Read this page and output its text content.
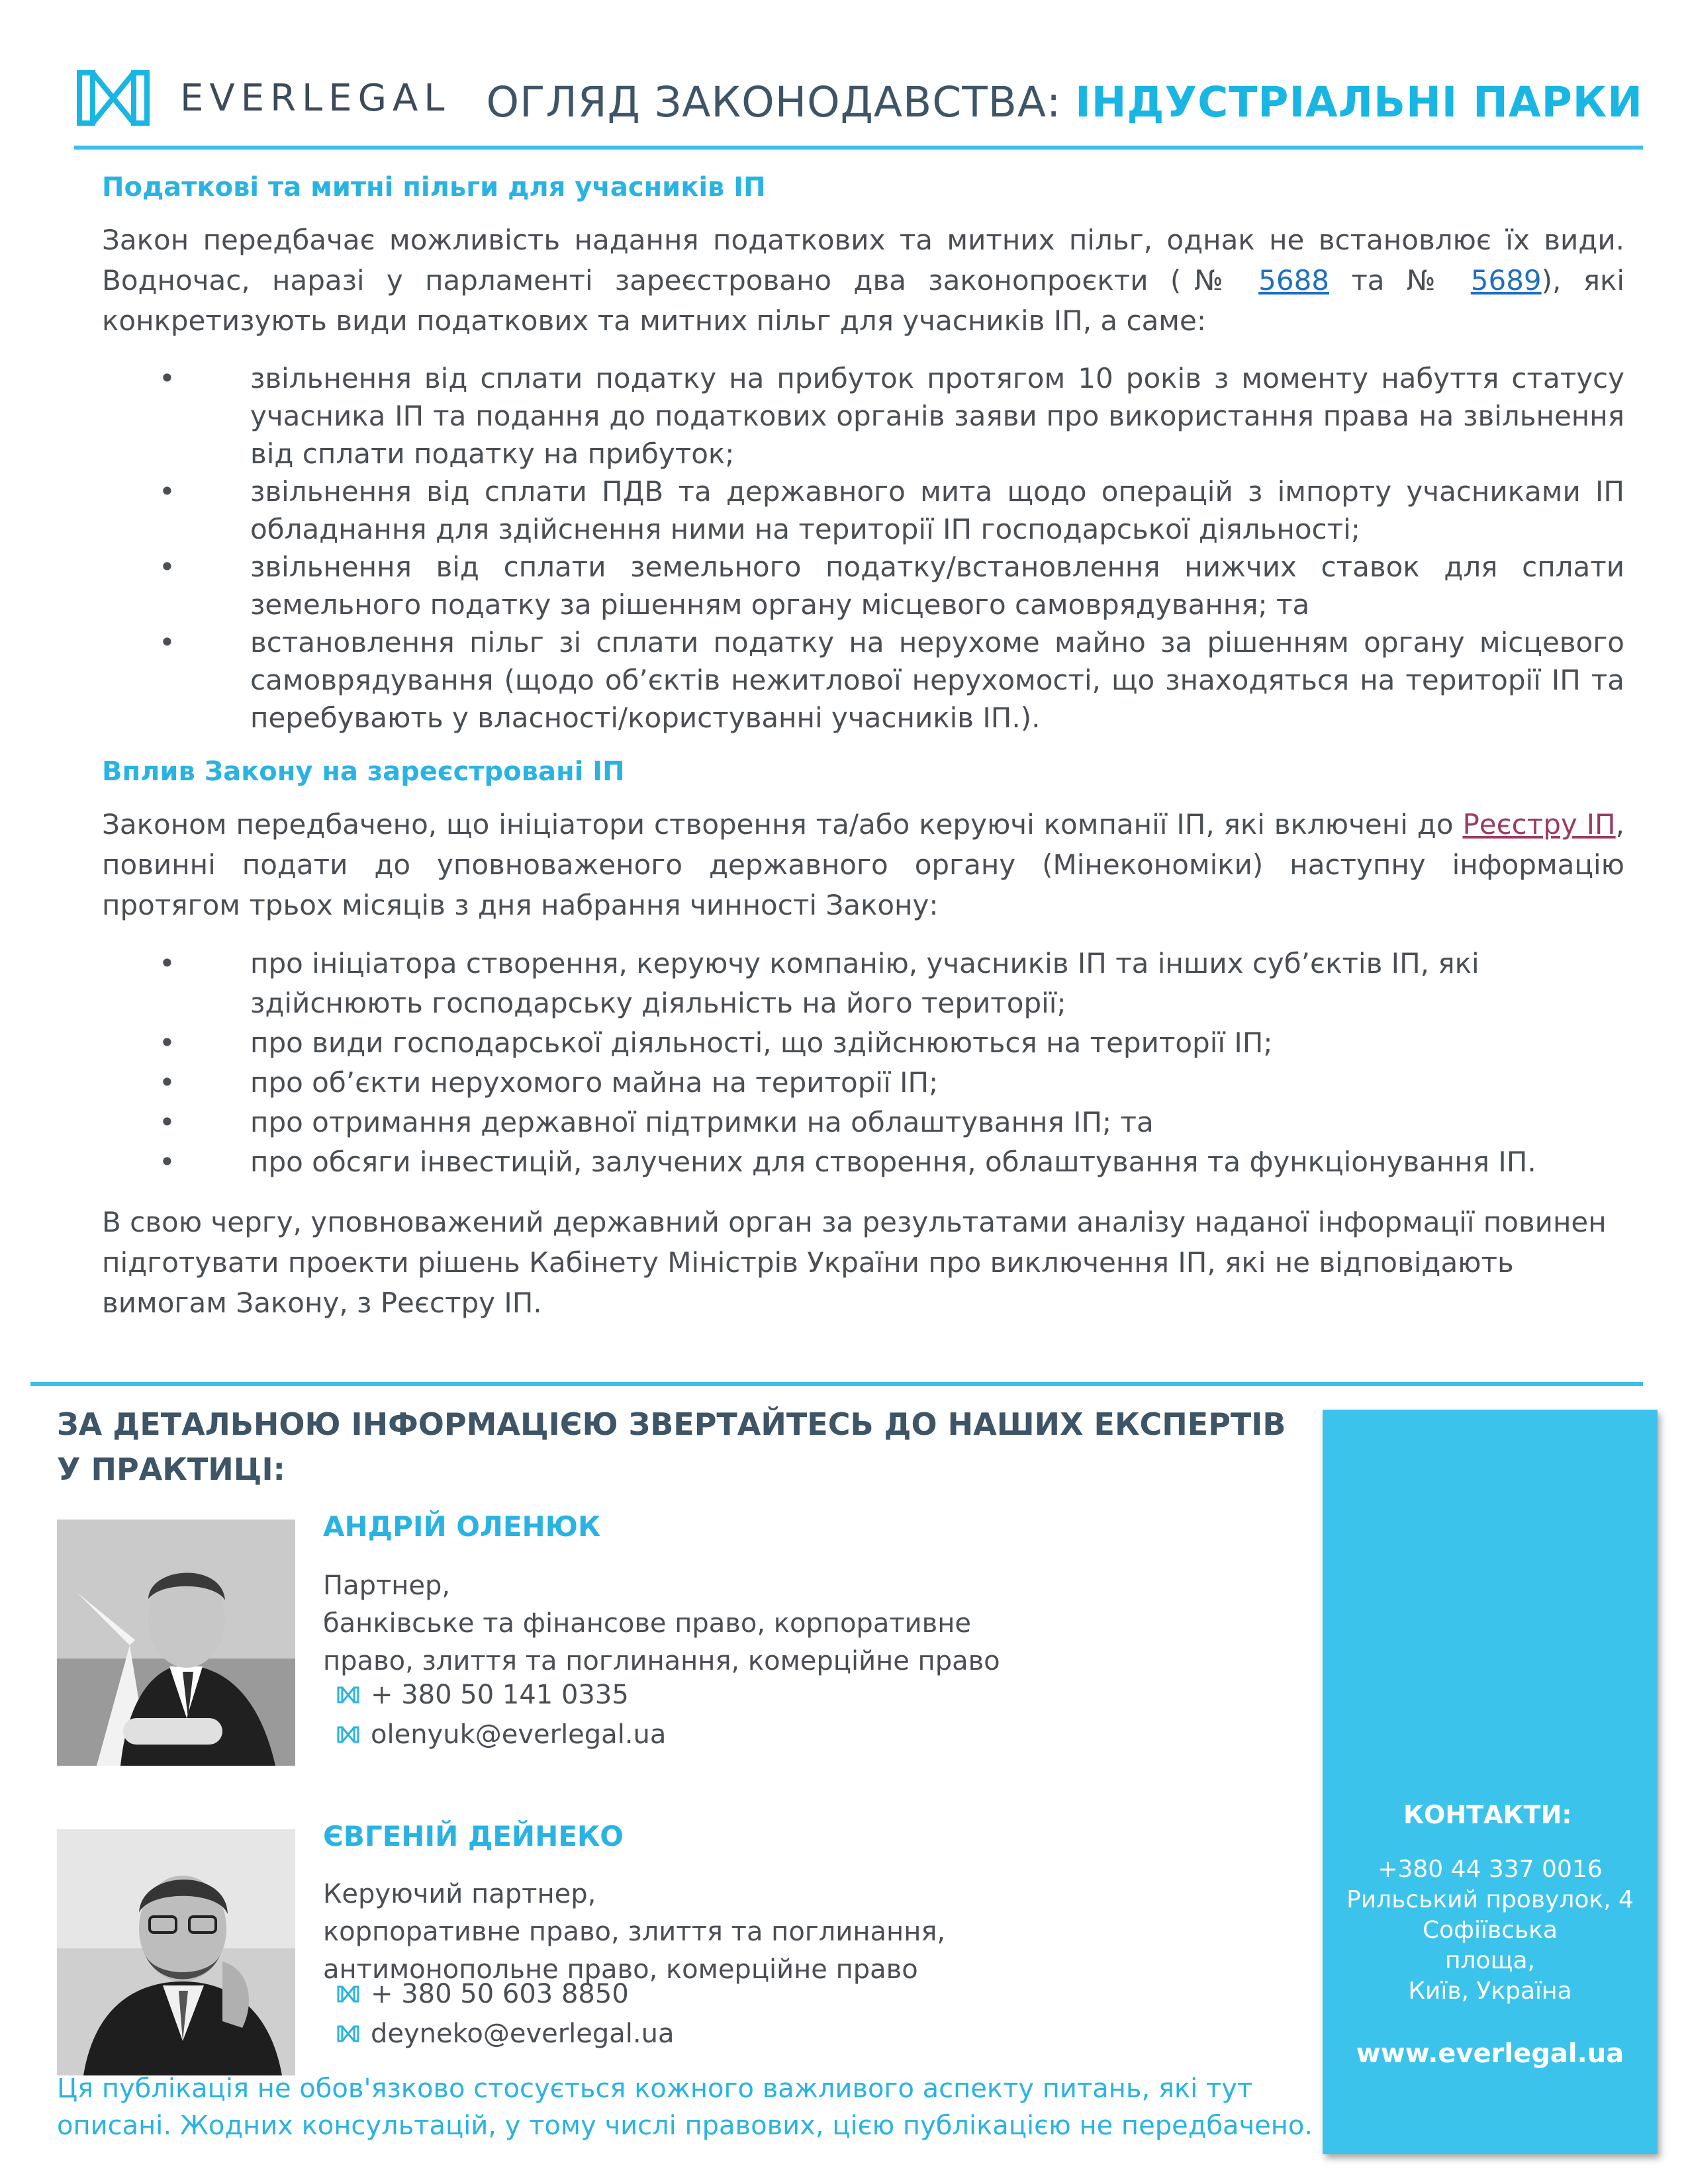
EVERLEGAL ОГЛЯД ЗАКОНОДАВСТВА: ІНДУСТРІАЛЬНІ ПАРКИ
Податкові та митні пільги для учасників ІП

Закон передбачає можливість надання податкових та митних пільг, однак не встановлює їх види. Водночас, наразі у парламенті зареєстровано два законопроєкти (№ 5688 та № 5689), які конкретизують види податкових та митних пільг для учасників ІП, а саме:

• звільнення від сплати податку на прибуток протягом 10 років з моменту набуття статусу учасника ІП та подання до податкових органів заяви про використання права на звільнення від сплати податку на прибуток;
• звільнення від сплати ПДВ та державного мита щодо операцій з імпорту учасниками ІП обладнання для здійснення ними на території ІП господарської діяльності;
• звільнення від сплати земельного податку/встановлення нижчих ставок для сплати земельного податку за рішенням органу місцевого самоврядування; та
• встановлення пільг зі сплати податку на нерухоме майно за рішенням органу місцевого самоврядування (щодо об’єктів нежитлової нерухомості, що знаходяться на території ІП та перебувають у власності/користуванні учасників ІП.).
Вплив Закону на зареєстровані ІП

Законом передбачено, що ініціатори створення та/або керуючі компанії ІП, які включені до Реєстру ІП, повинні подати до уповноваженого державного органу (Мінекономіки) наступну інформацію протягом трьох місяців з дня набрання чинності Закону:

• про ініціатора створення, керуючу компанію, учасників ІП та інших суб’єктів ІП, які здійснюють господарську діяльність на його території;
• про види господарської діяльності, що здійснюються на території ІП;
• про об’єкти нерухомого майна на території ІП;
• про отримання державної підтримки на облаштування ІП; та
• про обсяги інвестицій, залучених для створення, облаштування та функціонування ІП.

В свою чергу, уповноважений державний орган за результатами аналізу наданої інформації повинен підготувати проекти рішень Кабінету Міністрів України про виключення ІП, які не відповідають вимогам Закону, з Реєстру ІП.

ЗА ДЕТАЛЬНОЮ ІНФОРМАЦІЄЮ ЗВЕРТАЙТЕСЬ ДО НАШИХ ЕКСПЕРТІВ У ПРАКТИЦІ:
АНДРІЙ ОЛЕНЮК
Партнер,
банківське та фінансове право, корпоративне
право, злиття та поглинання, комерційне право
+ 380 50 141 0335
olenyuk@everlegal.ua
ЄВГЕНІЙ ДЕЙНЕКО
Керуючий партнер,
корпоративне право, злиття та поглинання,
антимонопольне право, комерційне право
+ 380 50 603 8850
deyneko@everlegal.ua
Ця публікація не обов'язково стосується кожного важливого аспекту питань, які тут описані. Жодних консультацій, у тому числі правових, цією публікацією не передбачено.
КОНТАКТИ:
+380 44 337 0016
Рильський провулок, 4
Софіївська
площа,
Київ, Україна
www.everlegal.ua
